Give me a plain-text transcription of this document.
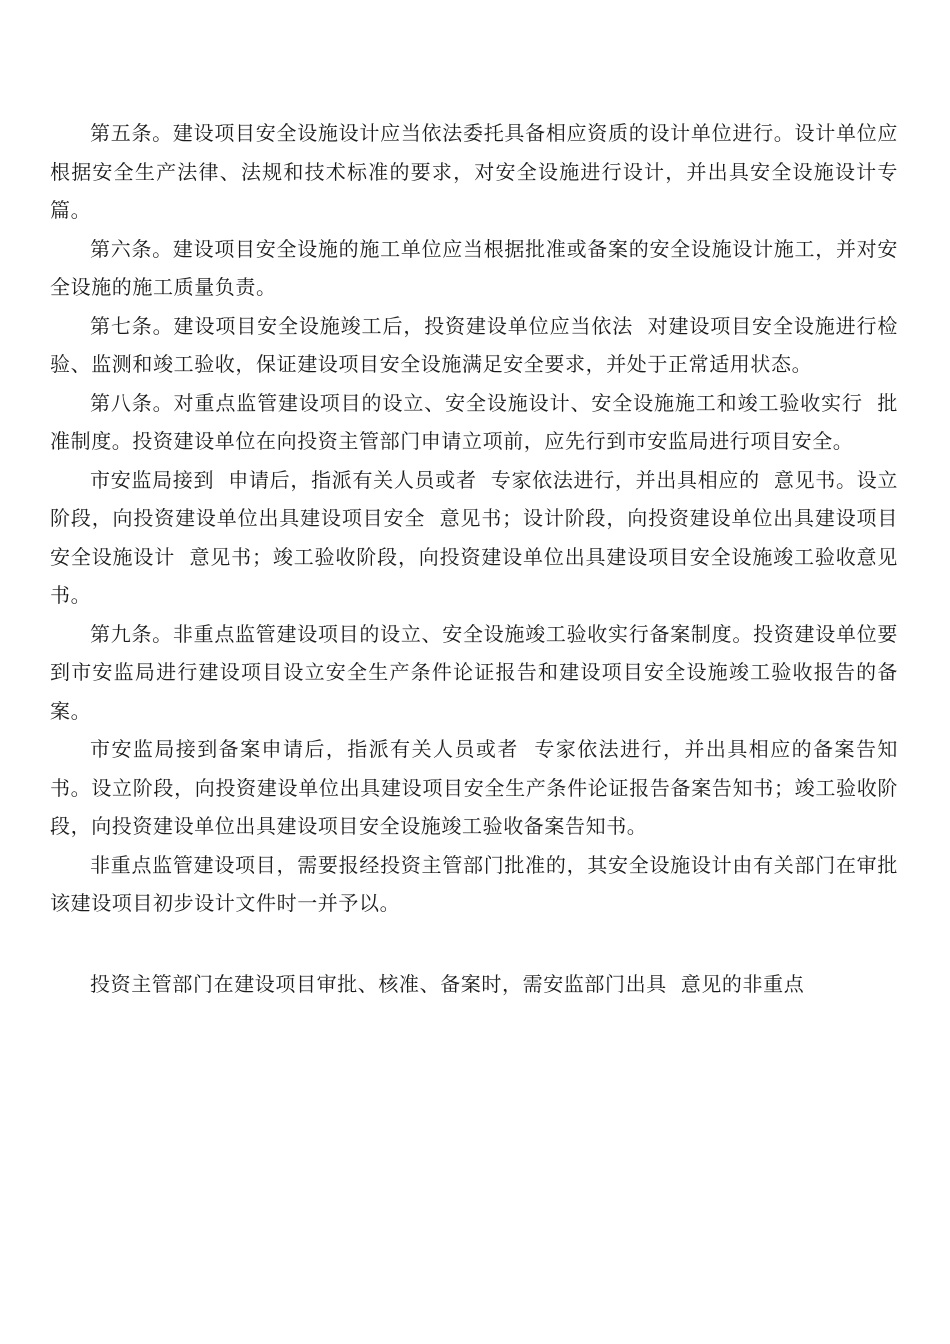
第五条。建设项目安全设施设计应当依法委托具备相应资质的设计单位进行。设计单位应根据安全生产法律、法规和技术标准的要求，对安全设施进行设计，并出具安全设施设计专篇。

第六条。建设项目安全设施的施工单位应当根据批准或备案的安全设施设计施工，并对安全设施的施工质量负责。

第七条。建设项目安全设施竣工后，投资建设单位应当依法  对建设项目安全设施进行检验、监测和竣工验收，保证建设项目安全设施满足安全要求，并处于正常适用状态。

第八条。对重点监管建设项目的设立、安全设施设计、安全设施施工和竣工验收实行  批准制度。投资建设单位在向投资主管部门申请立项前，应先行到市安监局进行项目安全。

市安监局接到  申请后，指派有关人员或者  专家依法进行，并出具相应的  意见书。设立阶段，向投资建设单位出具建设项目安全  意见书；设计阶段，向投资建设单位出具建设项目安全设施设计  意见书；竣工验收阶段，向投资建设单位出具建设项目安全设施竣工验收意见书。

第九条。非重点监管建设项目的设立、安全设施竣工验收实行备案制度。投资建设单位要到市安监局进行建设项目设立安全生产条件论证报告和建设项目安全设施竣工验收报告的备案。

市安监局接到备案申请后，指派有关人员或者  专家依法进行，并出具相应的备案告知书。设立阶段，向投资建设单位出具建设项目安全生产条件论证报告备案告知书；竣工验收阶段，向投资建设单位出具建设项目安全设施竣工验收备案告知书。

非重点监管建设项目，需要报经投资主管部门批准的，其安全设施设计由有关部门在审批该建设项目初步设计文件时一并予以。

投资主管部门在建设项目审批、核准、备案时，需安监部门出具  意见的非重点
